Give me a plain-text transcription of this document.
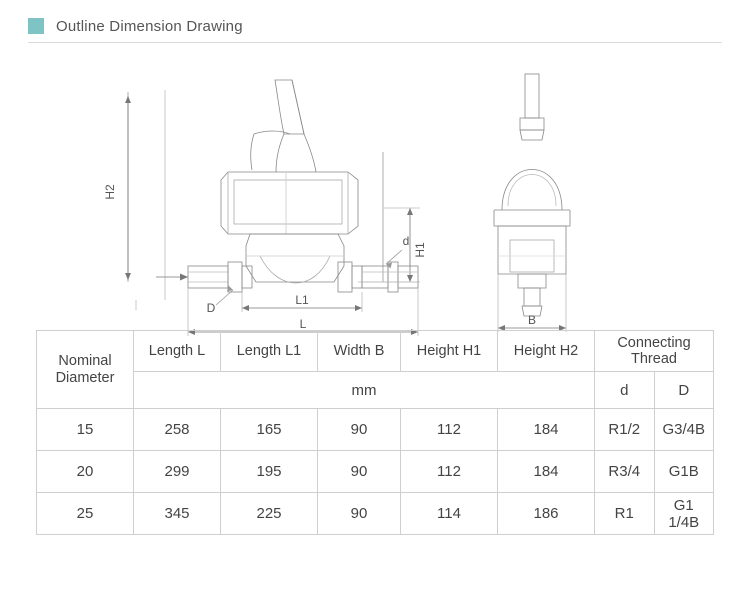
Outline Dimension Drawing
H2
H1
d
D
L1
L	B
Nominal
Diameter	Length L	Length L1	Width B	Height H1	Height H2	Connecting Thread	
	mm					d	D
15	258	165	90	112	184	R1/2	G3/4B
20	299	195	90	112	184	R3/4	G1B
25	345	225	90	114	186	R1	G1 1/4B
